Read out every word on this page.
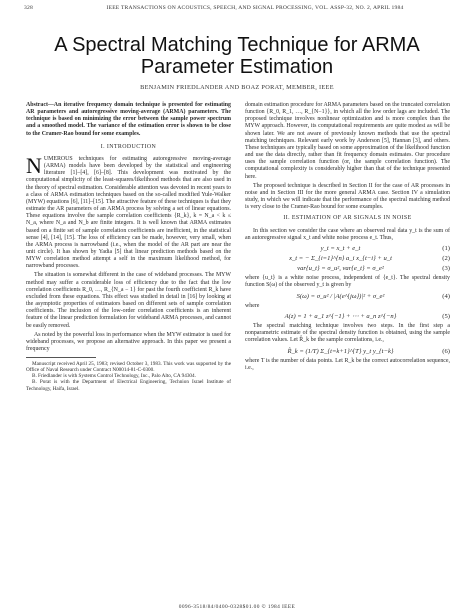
328	IEEE TRANSACTIONS ON ACOUSTICS, SPEECH, AND SIGNAL PROCESSING, VOL. ASSP-32, NO. 2, APRIL 1984
A Spectral Matching Technique for ARMA
Parameter Estimation
BENJAMIN FRIEDLANDER AND BOAZ PORAT, MEMBER, IEEE

Abstract—An iterative frequency domain technique is presented for estimating AR parameters and autoregressive moving-average (ARMA) parameters. The technique is based on minimizing the error between the sample power spectrum and a smoothed model. The variance of the estimation error is shown to be close to the Cramer-Rao bound for some examples.

I. INTRODUCTION

N UMEROUS techniques for estimating autoregressive moving-average (ARMA) models have been developed by the statistical and engineering literature [1]–[4], [6]–[8]. This development was motivated by the computational simplicity of the least-squares/likelihood methods that are also used in the theory of spectral estimation. Considerable attention was devoted in recent years to a class of ARMA estimation techniques based on the so-called modified Yule-Walker (MYW) equations [6], [11]–[15]. The attractive feature of these techniques is that they estimate the AR parameters of an ARMA process by solving a set of linear equations. These equations involve the sample correlation coefficients {R_k}, k = N_a < k ≤ N_a, where N_a and N_b are finite integers. It is well known that ARMA estimates based on a finite set of sample correlation coefficients are inefficient, in the statistical sense [4], [14], [15]. The loss of efficiency can be made, however, very small, when the ARMA process is narrowband (i.e., when the model of the AR part are near the unit circle). It has shown by Yadia [5] that linear prediction methods based on the MYW correlation method attempt a self in the maximum likelihood method, for narrowband processes.

The situation is somewhat different in the case of wideband processes. The MYW method may suffer a considerable loss of efficiency due to the fact that the low correlation coefficients R_0, …, R_{N_a − 1} for past the fourth coefficient R_k have excluded from these equations. This effect was studied in detail in [16] by looking at the asymptotic properties of estimators based on different sets of sample correlation coefficients. The inclusion of the low-order correlation coefficients is an inherent feature of the linear prediction formulation for wideband ARMA processes, and cannot be easily removed.

As noted by the powerful loss in performance when the MYW estimator is used for wideband processes, we propose an alternative approach. In this paper we present a frequency

Manuscript received April 25, 1983; revised October 3, 1983. This work was supported by the Office of Naval Research under Contract N00014-81-C-0300.

B. Friedlander is with Systems Control Technology, Inc., Palo Alto, CA 94304.

B. Porat is with the Department of Electrical Engineering, Technion Israel Institute of Technology, Haifa, Israel.

domain estimation procedure for ARMA parameters based on the truncated correlation function {R_0, R_1, …, R_{N−1}}, in which all the low order lags are included. The proposed technique involves nonlinear optimization and is more complex than the MYW approach. However, its computational requirements are quite modest as will be shown later. We are not aware of previously known methods that use the spectral matching techniques. Relevant early work by Anderson [5], Hannan [3], and others. These techniques are typically based on some approximation of the likelihood function and use the data directly, rather than fit frequency domain estimates. Our procedure uses the sample correlation function (or, the sample correlation function). The computational complexity is considerably higher than that of the technique presented here.

The proposed technique is described in Section II for the case of AR processes in noise and in Section III for the more general ARMA case. Section IV a simulation study, in which we will indicate that the performance of the spectral matching method is very close to the Cramer-Rao bound for some examples.

II. ESTIMATION OF AR SIGNALS IN NOISE

In this section we consider the case where an observed real data y_t is the sum of an autoregressive signal x_t and white noise process e_t. Thus,

y_t = x_t + e_t	(1)
x_t = − Σ_{i=1}^{n} a_i x_{t−i} + u_t	(2)
var{u_t} = σ_u², var{e_t} = σ_e²	(3)

where {u_t} is a white noise process, independent of {e_t}. The spectral density function S(ω) of the observed y_t is given by

S(ω) = σ_u² / |A(e^{jω})|² + σ_e²	(4)

where

A(z) = 1 + a_1 z^{−1} + ⋯ + a_n z^{−n}	(5)

The spectral matching technique involves two steps. In the first step a nonparametric estimate of the spectral density function is obtained, using the sample correlation values. Let R̂_k be the sample correlations, i.e.,

R̂_k = (1/T) Σ_{t=k+1}^{T} y_t y_{t−k}	(6)

where T is the number of data points. Let R_k be the correct autocorrelation sequence, i.e.,

0096-3518/84/0400-0328$01.00 © 1984 IEEE
